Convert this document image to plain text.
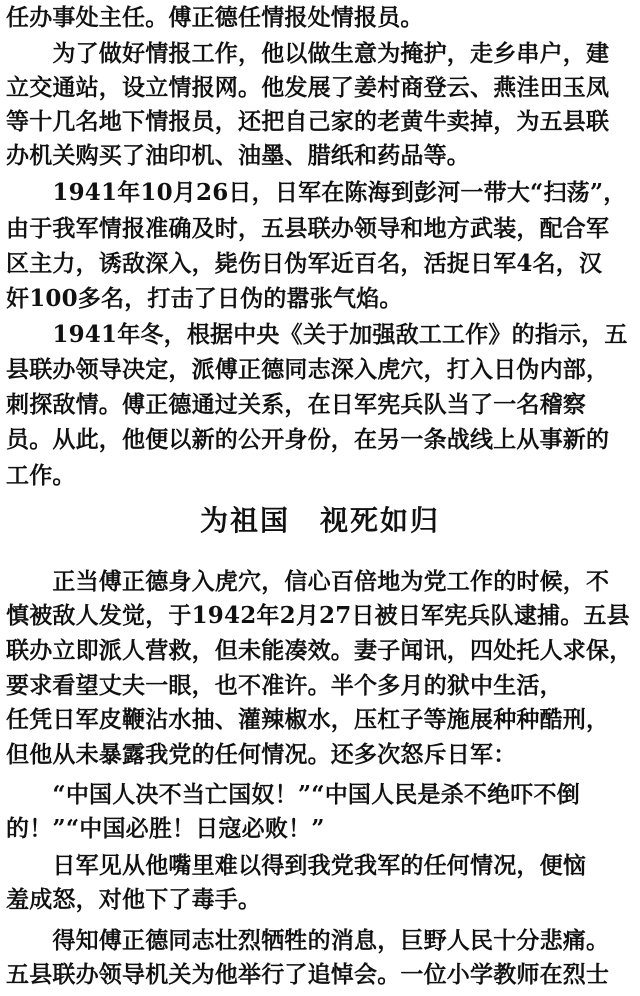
任办事处主任。傅正德任情报处情报员。
　　为了做好情报工作，他以做生意为掩护，走乡串户，建
立交通站，设立情报网。他发展了姜村商登云、燕洼田玉凤
等十几名地下情报员，还把自己家的老黄牛卖掉，为五县联
办机关购买了油印机、油墨、腊纸和药品等。
　　1941年10月26日，日军在陈海到彭河一带大“扫荡”，
由于我军情报准确及时，五县联办领导和地方武装，配合军
区主力，诱敌深入，毙伤日伪军近百名，活捉日军4名，汉
奸100多名，打击了日伪的嚣张气焰。
　　1941年冬，根据中央《关于加强敌工工作》的指示，五
县联办领导决定，派傅正德同志深入虎穴，打入日伪内部，
刺探敌情。傅正德通过关系，在日军宪兵队当了一名稽察
员。从此，他便以新的公开身份，在另一条战线上从事新的
工作。
为祖国　视死如归
　　正当傅正德身入虎穴，信心百倍地为党工作的时候，不
慎被敌人发觉，于1942年2月27日被日军宪兵队逮捕。五县
联办立即派人营救，但未能凑效。妻子闻讯，四处托人求保，
要求看望丈夫一眼，也不准许。半个多月的狱中生活，
任凭日军皮鞭沾水抽、灌辣椒水，压杠子等施展种种酷刑，
但他从未暴露我党的任何情况。还多次怒斥日军：
　　“中国人决不当亡国奴！”“中国人民是杀不绝吓不倒
的！”“中国必胜！日寇必败！”
　　日军见从他嘴里难以得到我党我军的任何情况，便恼
羞成怒，对他下了毒手。
　　得知傅正德同志壮烈牺牲的消息，巨野人民十分悲痛。
五县联办领导机关为他举行了追悼会。一位小学教师在烈士
